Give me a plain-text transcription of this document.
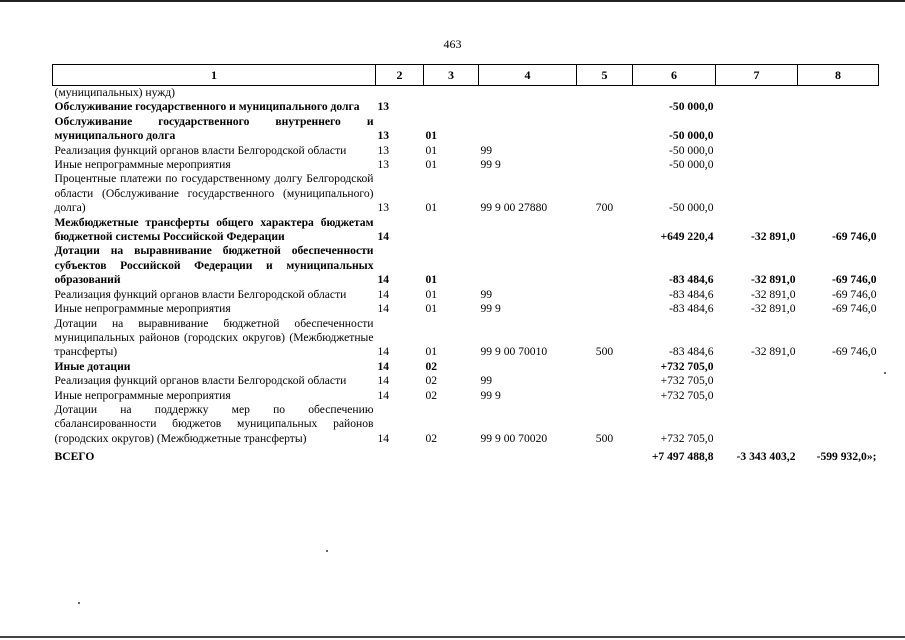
463
1	2	3	4	5	6	7	8
(муниципальных) нужд)							
Обслуживание государственного и муниципального долга	13				-50 000,0		
Обслуживание государственного внутреннего и муниципального долга	13	01			-50 000,0		
Реализация функций органов власти Белгородской области	13	01	99		-50 000,0		
Иные непрограммные мероприятия	13	01	99 9		-50 000,0		
Процентные платежи по государственному долгу Белгородской области (Обслуживание государственного (муниципального) долга)	13	01	99 9 00 27880	700	-50 000,0		
Межбюджетные трансферты общего характера бюджетам бюджетной системы Российской Федерации	14				+649 220,4	-32 891,0	-69 746,0
Дотации на выравнивание бюджетной обеспеченности субъектов Российской Федерации и муниципальных образований	14	01			-83 484,6	-32 891,0	-69 746,0
Реализация функций органов власти Белгородской области	14	01	99		-83 484,6	-32 891,0	-69 746,0
Иные непрограммные мероприятия	14	01	99 9		-83 484,6	-32 891,0	-69 746,0
Дотации на выравнивание бюджетной обеспеченности муниципальных районов (городских округов) (Межбюджетные трансферты)	14	01	99 9 00 70010	500	-83 484,6	-32 891,0	-69 746,0
Иные дотации	14	02			+732 705,0		
Реализация функций органов власти Белгородской области	14	02	99		+732 705,0		
Иные непрограммные мероприятия	14	02	99 9		+732 705,0		
Дотации на поддержку мер по обеспечению сбалансированности бюджетов муниципальных районов (городских округов) (Межбюджетные трансферты)	14	02	99 9 00 70020	500	+732 705,0		
ВСЕГО					+7 497 488,8	-3 343 403,2	-599 932,0»;
